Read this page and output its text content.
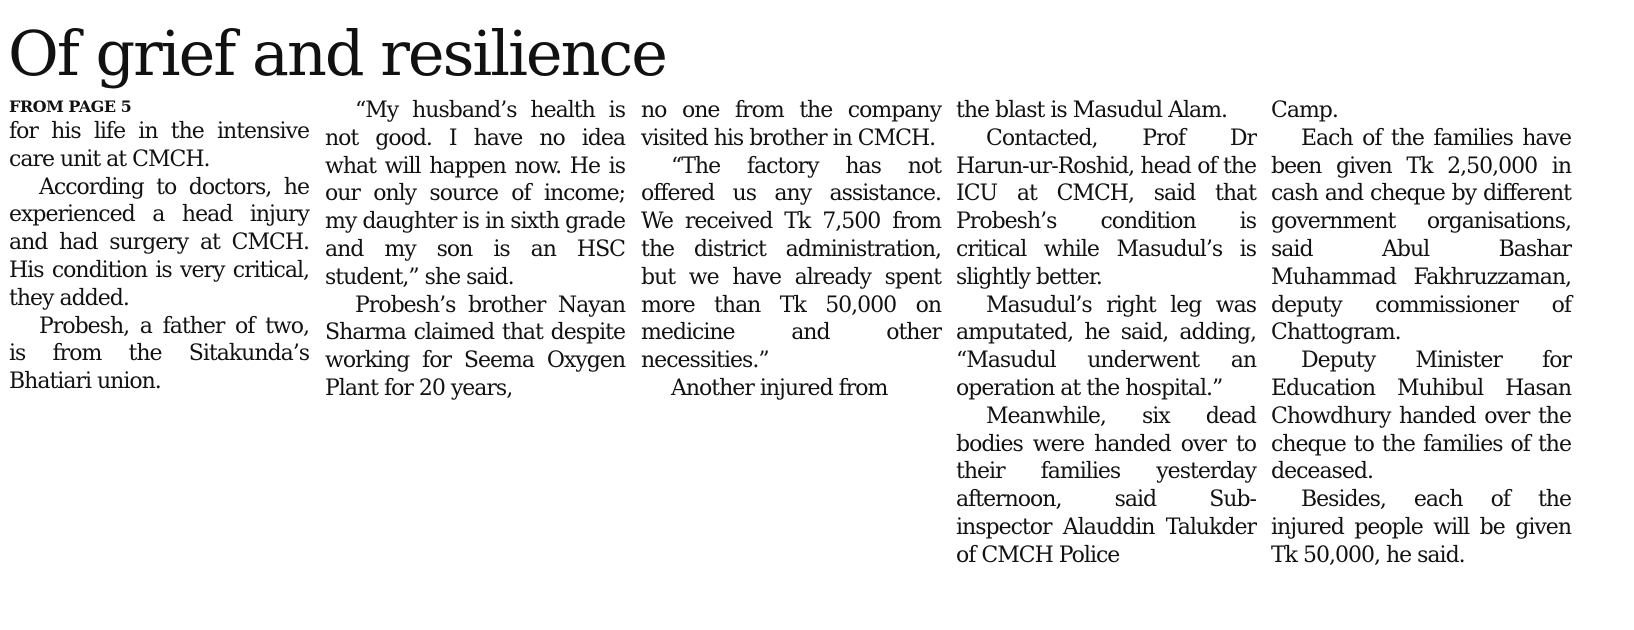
Of grief and resilience
FROM PAGE 5

for his life in the intensive care unit at CMCH.

According to doctors, he experienced a head injury and had surgery at CMCH. His condition is very critical, they added.

Probesh, a father of two, is from the Sitakunda’s Bhatiari union.

“My husband’s health is not good. I have no idea what will happen now. He is our only source of income; my daughter is in sixth grade and my son is an HSC student,” she said.

Probesh’s brother Nayan Sharma claimed that despite working for Seema Oxygen Plant for 20 years,

no one from the company visited his brother in CMCH.

“The factory has not offered us any assistance. We received Tk 7,500 from the district administration, but we have already spent more than Tk 50,000 on medicine and other necessities.”

Another injured from

the blast is Masudul Alam.

Contacted, Prof Dr Harun-ur-Roshid, head of the ICU at CMCH, said that Probesh’s condition is critical while Masudul’s is slightly better.

Masudul’s right leg was amputated, he said, adding, “Masudul underwent an operation at the hospital.”

Meanwhile, six dead bodies were handed over to their families yesterday afternoon, said Sub-inspector Alauddin Talukder of CMCH Police

Camp.

Each of the families have been given Tk 2,50,000 in cash and cheque by different government organisations, said Abul Bashar Muhammad Fakhruzzaman, deputy commissioner of Chattogram.

Deputy Minister for Education Muhibul Hasan Chowdhury handed over the cheque to the families of the deceased.

Besides, each of the injured people will be given Tk 50,000, he said.
